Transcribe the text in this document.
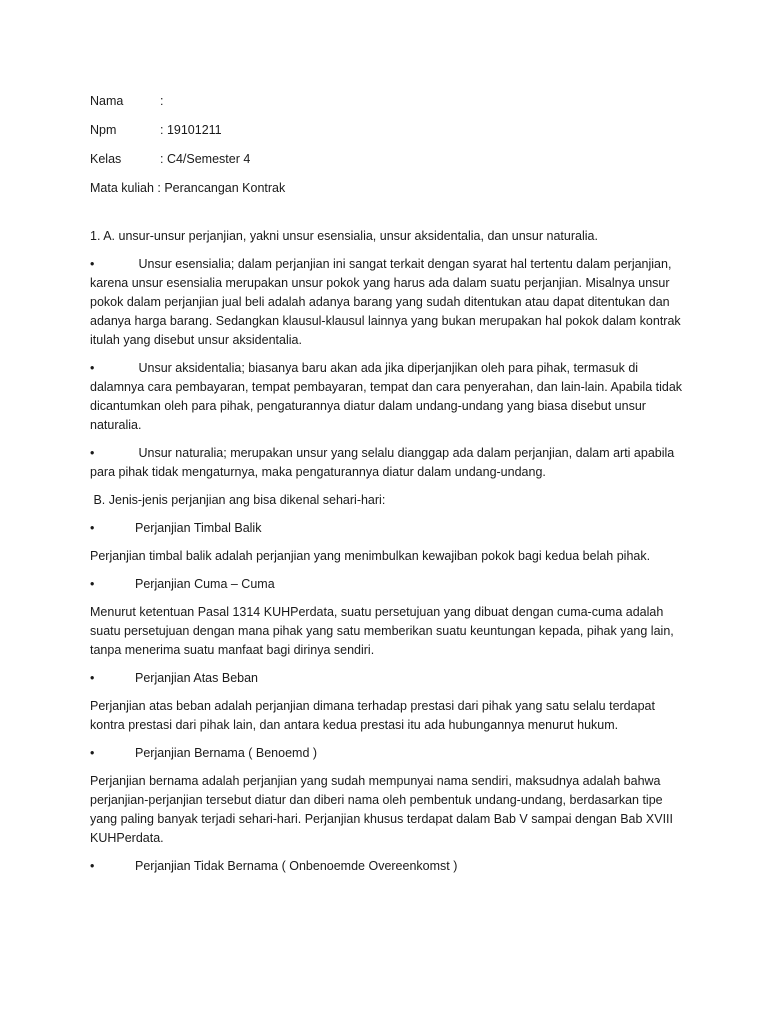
Nama	:
Npm	: 19101211
Kelas	: C4/Semester 4
Mata kuliah : Perancangan Kontrak
1. A. unsur-unsur perjanjian, yakni unsur esensialia, unsur aksidentalia, dan unsur naturalia.
•	Unsur esensialia; dalam perjanjian ini sangat terkait dengan syarat hal tertentu dalam perjanjian, karena unsur esensialia merupakan unsur pokok yang harus ada dalam suatu perjanjian. Misalnya unsur pokok dalam perjanjian jual beli adalah adanya barang yang sudah ditentukan atau dapat ditentukan dan adanya harga barang. Sedangkan klausul-klausul lainnya yang bukan merupakan hal pokok dalam kontrak itulah yang disebut unsur aksidentalia.
•	Unsur aksidentalia; biasanya baru akan ada jika diperjanjikan oleh para pihak, termasuk di dalamnya cara pembayaran, tempat pembayaran, tempat dan cara penyerahan, dan lain-lain. Apabila tidak dicantumkan oleh para pihak, pengaturannya diatur dalam undang-undang yang biasa disebut unsur naturalia.
•	Unsur naturalia; merupakan unsur yang selalu dianggap ada dalam perjanjian, dalam arti apabila para pihak tidak mengaturnya, maka pengaturannya diatur dalam undang-undang.
B. Jenis-jenis perjanjian ang bisa dikenal sehari-hari:
•	Perjanjian Timbal Balik

Perjanjian timbal balik adalah perjanjian yang menimbulkan kewajiban pokok bagi kedua belah pihak.

•	Perjanjian Cuma – Cuma

Menurut ketentuan Pasal 1314 KUHPerdata, suatu persetujuan yang dibuat dengan cuma-cuma adalah suatu persetujuan dengan mana pihak yang satu memberikan suatu keuntungan kepada, pihak yang lain, tanpa menerima suatu manfaat bagi dirinya sendiri.

•	Perjanjian Atas Beban

Perjanjian atas beban adalah perjanjian dimana terhadap prestasi dari pihak yang satu selalu terdapat kontra prestasi dari pihak lain, dan antara kedua prestasi itu ada hubungannya menurut hukum.

•	Perjanjian Bernama ( Benoemd )

Perjanjian bernama adalah perjanjian yang sudah mempunyai nama sendiri, maksudnya adalah bahwa perjanjian-perjanjian tersebut diatur dan diberi nama oleh pembentuk undang-undang, berdasarkan tipe yang paling banyak terjadi sehari-hari. Perjanjian khusus terdapat dalam Bab V sampai dengan Bab XVIII KUHPerdata.

•	Perjanjian Tidak Bernama ( Onbenoemde Overeenkomst )
